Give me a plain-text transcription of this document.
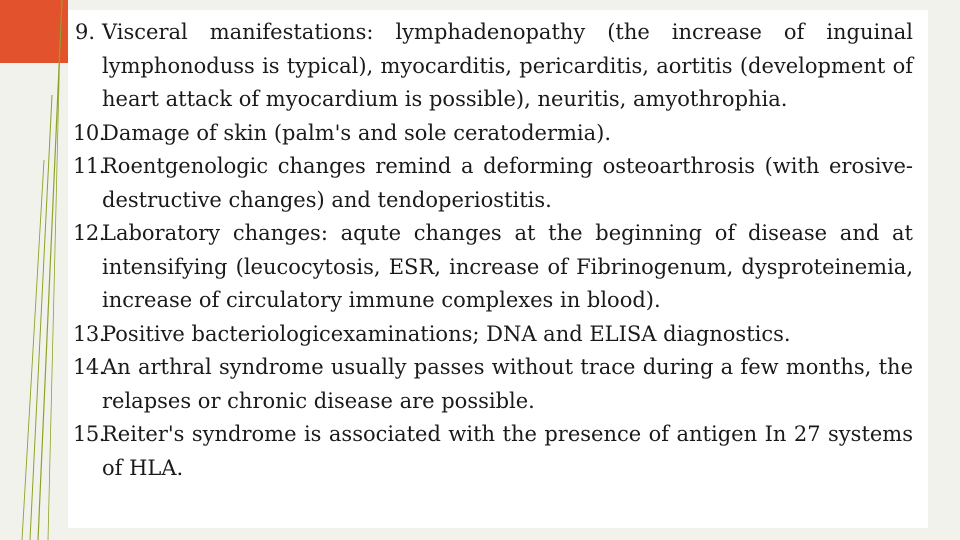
9. Visceral manifestations: lymphadenopathy (the increase of inguinal lymphonoduss is typical), myocarditis, pericarditis, aortitis (development of heart attack of myocardium is possible), neuritis, amyothrophia.
10.
Damage of skin (palm's and sole ceratodermia).
11.
Roentgenologic changes remind a deforming osteoarthrosis (with erosive-destructive changes) and tendoperiostitis.
12.
Laboratory changes: aqute changes at the beginning of disease and at intensifying (leucocytosis, ESR, increase of Fibrinogenum, dysproteinemia, increase of circulatory immune complexes in blood).
13.
Positive bacteriologicexaminations; DNA and ELISA diagnostics.
14.
An arthral syndrome usually passes without trace during a few months, the relapses or chronic disease are possible.
15.
Reiter's syndrome is associated with the presence of antigen In 27 systems of HLA.
